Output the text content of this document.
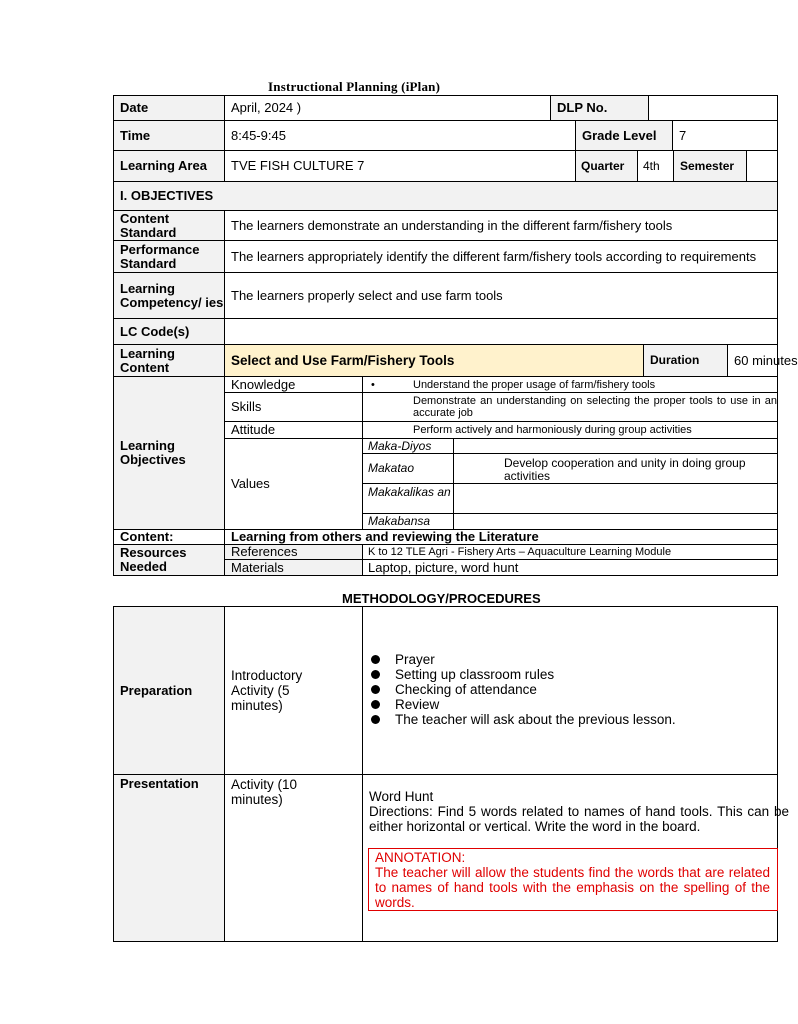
Instructional Planning (iPlan)
Date	April, 2024 )	DLP No.
Time	8:45-9:45	Grade Level	7
Learning Area	TVE FISH CULTURE 7	Quarter	4th	Semester
I. OBJECTIVES
Content Standard	The learners demonstrate an understanding in the different farm/fishery tools
Performance Standard	The learners appropriately identify the different farm/fishery tools according to requirements
Learning Competency/ ies The learners properly select and use farm tools
LC Code(s)
Learning Content	Select and Use Farm/Fishery Tools	Duration	60 minutes
Learning Objectives
Knowledge
•	Understand the proper usage of farm/fishery tools
Skills	Demonstrate an understanding on selecting the proper tools to use in an accurate job
Attitude	Perform actively and harmoniously during group activities
Values
Maka-Diyos
Makatao	Develop cooperation and unity in doing group activities
Makakalikas an
Makabansa
Content:	Learning from others and reviewing the Literature
Resources Needed
References	K to 12 TLE Agri - Fishery Arts – Aquaculture Learning Module
Materials	Laptop, picture, word hunt
METHODOLOGY/PROCEDURES
Preparation
Introductory Activity (5 minutes)
Prayer
Setting up classroom rules
Checking of attendance
Review
The teacher will ask about the previous lesson.
Presentation	Activity (10 minutes)	Word Hunt
Directions: Find 5 words related to names of hand tools. This can be either horizontal or vertical. Write the word in the board.
ANNOTATION:
The teacher will allow the students find the words that are related to names of hand tools with the emphasis on the spelling of the words.
